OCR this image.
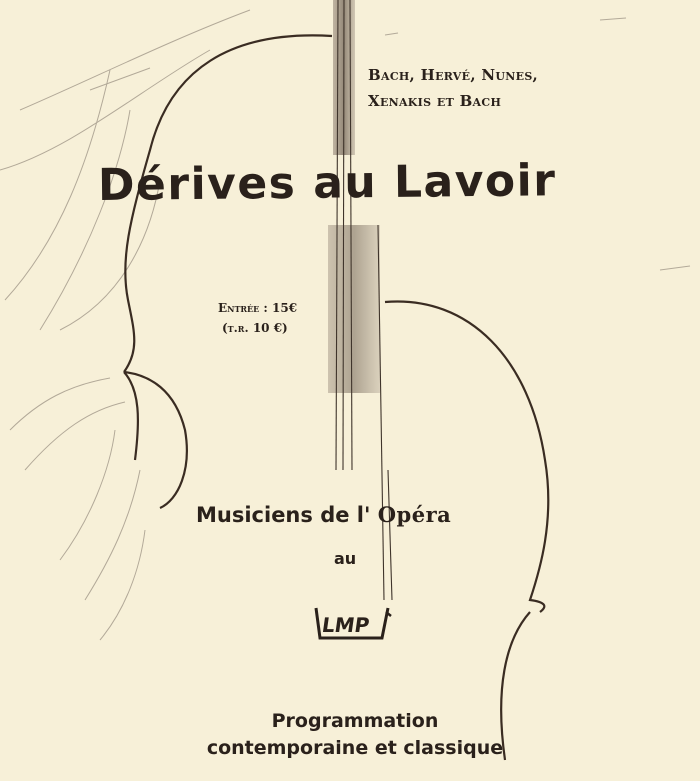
Bach, Hervé, Nunes,
Xenakis et Bach
Dérives au Lavoir
Entrée : 15€
(t.r. 10 €)
Musiciens de l' Opéra
au
LMP
Programmation
contemporaine et classique
